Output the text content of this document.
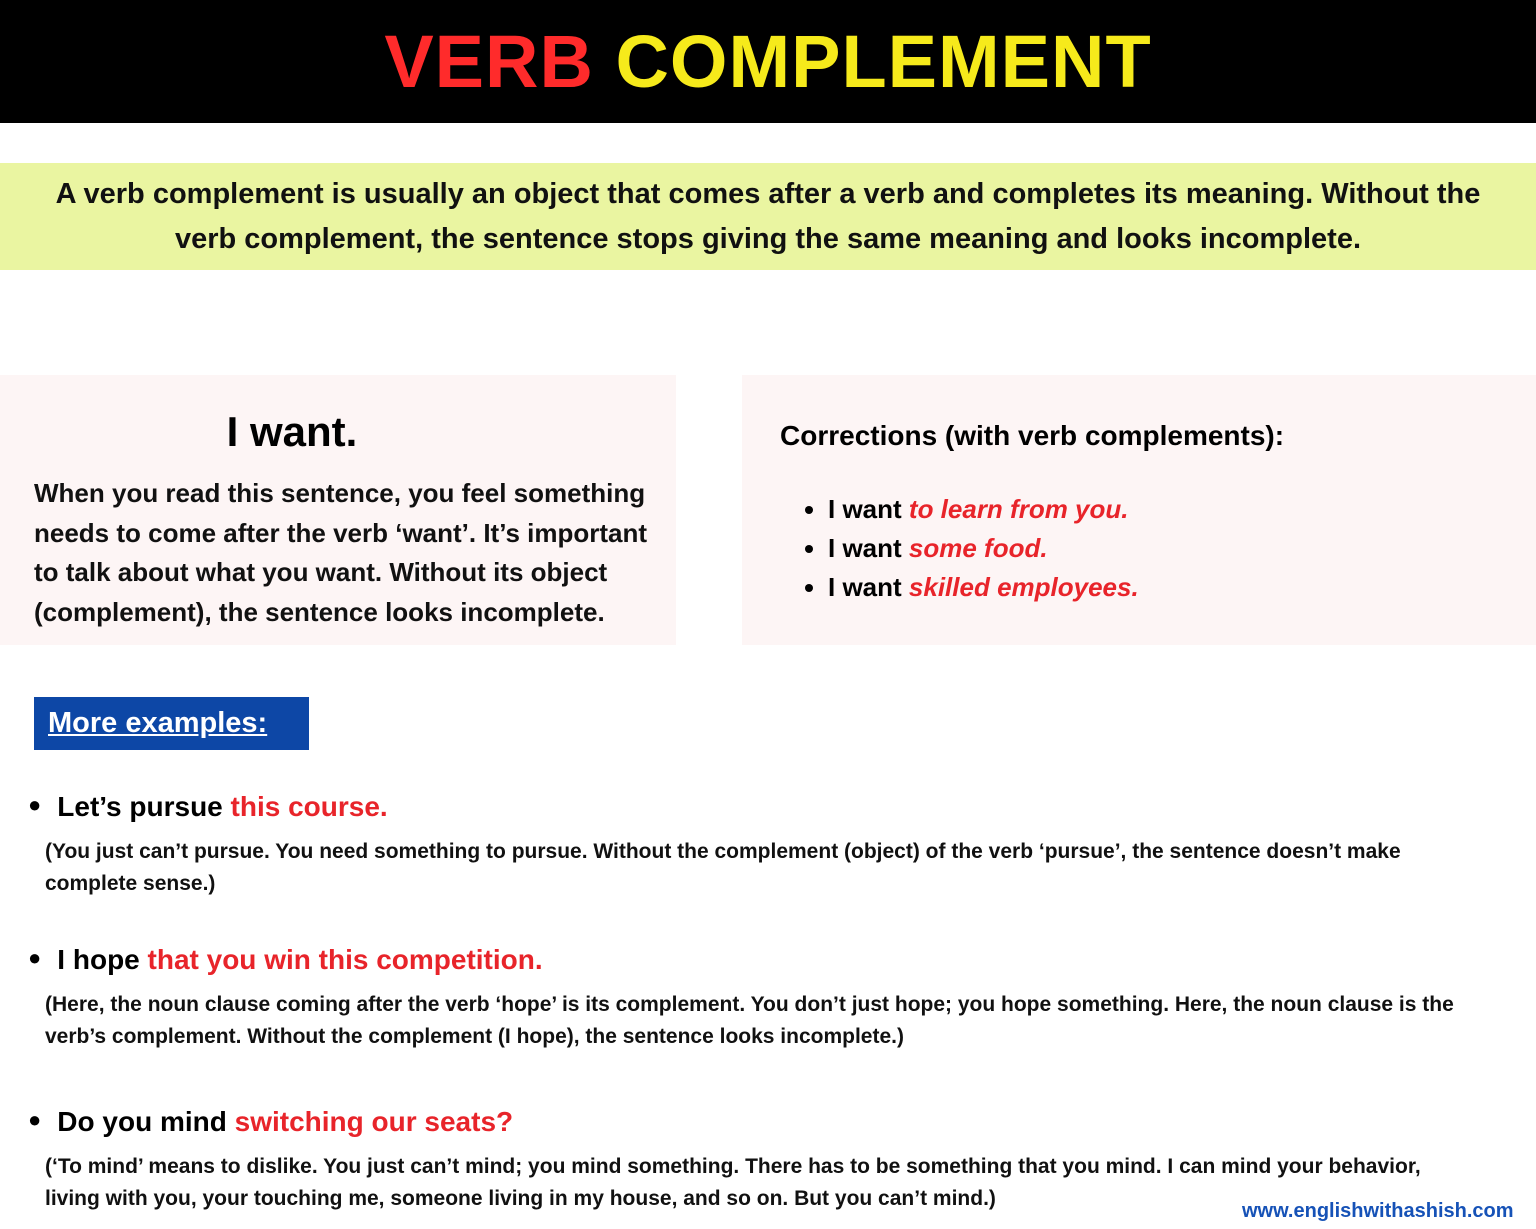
VERB COMPLEMENT

A verb complement is usually an object that comes after a verb and completes its meaning. Without the verb complement, the sentence stops giving the same meaning and looks incomplete.

I want.

When you read this sentence, you feel something needs to come after the verb ‘want’. It’s important to talk about what you want. Without its object (complement), the sentence looks incomplete.

Corrections (with verb complements):

• I want to learn from you.
• I want some food.
• I want skilled employees.
More examples:

● Let’s pursue this course.

(You just can’t pursue. You need something to pursue. Without the complement (object) of the verb ‘pursue’, the sentence doesn’t make complete sense.)

● I hope that you win this competition.

(Here, the noun clause coming after the verb ‘hope’ is its complement. You don’t just hope; you hope something. Here, the noun clause is the verb’s complement. Without the complement (I hope), the sentence looks incomplete.)

● Do you mind switching our seats?

(‘To mind’ means to dislike. You just can’t mind; you mind something. There has to be something that you mind. I can mind your behavior, living with you, your touching me, someone living in my house, and so on. But you can’t mind.)

www.englishwithashish.com
